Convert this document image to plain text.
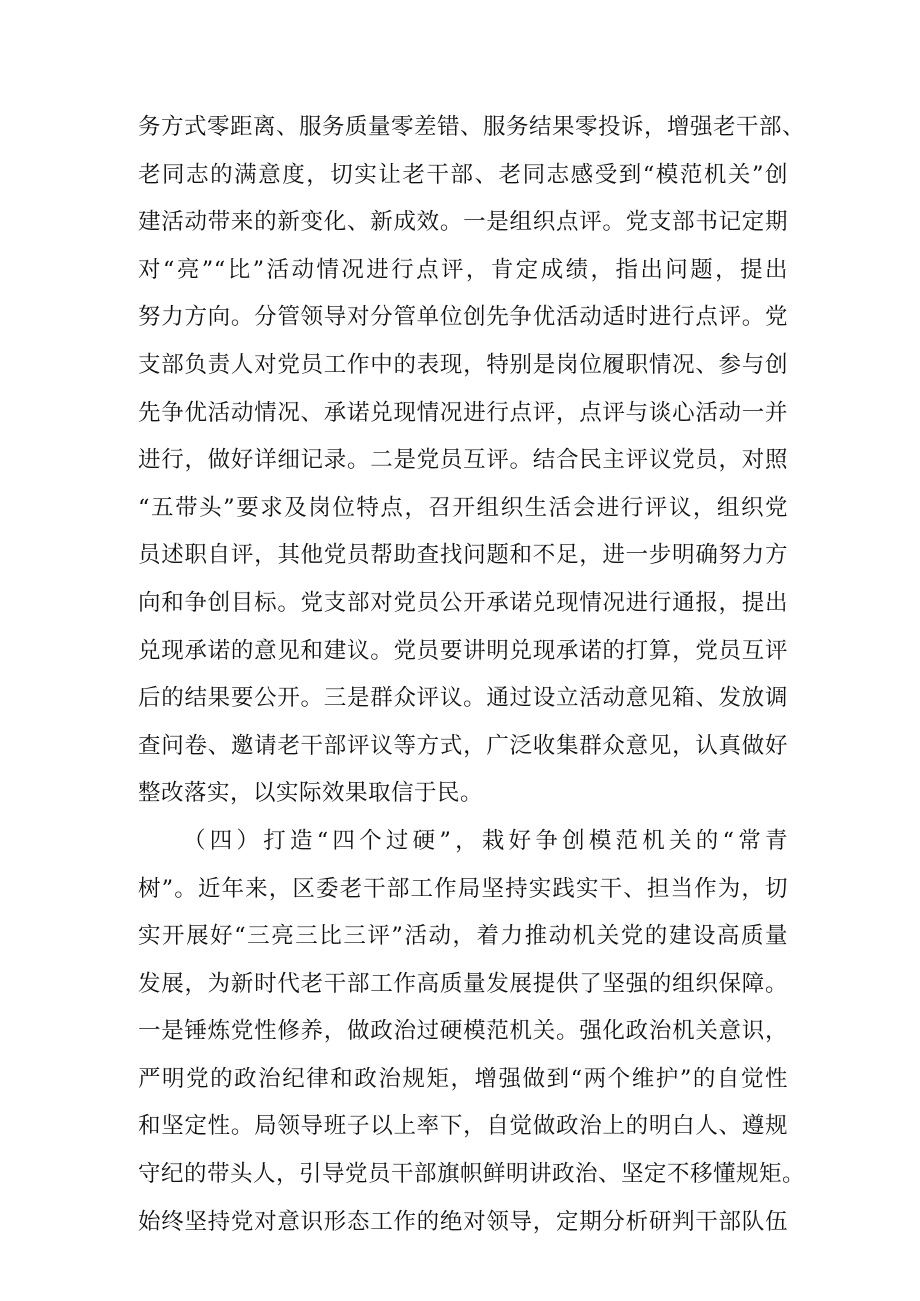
务方式零距离、服务质量零差错、服务结果零投诉，增强老干部、
老同志的满意度，切实让老干部、老同志感受到“模范机关”创
建活动带来的新变化、新成效。一是组织点评。党支部书记定期
对“亮”“比”活动情况进行点评，肯定成绩，指出问题，提出
努力方向。分管领导对分管单位创先争优活动适时进行点评。党
支部负责人对党员工作中的表现，特别是岗位履职情况、参与创
先争优活动情况、承诺兑现情况进行点评，点评与谈心活动一并
进行，做好详细记录。二是党员互评。结合民主评议党员，对照
“五带头”要求及岗位特点，召开组织生活会进行评议，组织党
员述职自评，其他党员帮助查找问题和不足，进一步明确努力方
向和争创目标。党支部对党员公开承诺兑现情况进行通报，提出
兑现承诺的意见和建议。党员要讲明兑现承诺的打算，党员互评
后的结果要公开。三是群众评议。通过设立活动意见箱、发放调
查问卷、邀请老干部评议等方式，广泛收集群众意见，认真做好
整改落实，以实际效果取信于民。
（四）打造“四个过硬”，栽好争创模范机关的“常青
树”。近年来，区委老干部工作局坚持实践实干、担当作为，切
实开展好“三亮三比三评”活动，着力推动机关党的建设高质量
发展，为新时代老干部工作高质量发展提供了坚强的组织保障。
一是锤炼党性修养，做政治过硬模范机关。强化政治机关意识，
严明党的政治纪律和政治规矩，增强做到“两个维护”的自觉性
和坚定性。局领导班子以上率下，自觉做政治上的明白人、遵规
守纪的带头人，引导党员干部旗帜鲜明讲政治、坚定不移懂规矩。
始终坚持党对意识形态工作的绝对领导，定期分析研判干部队伍
